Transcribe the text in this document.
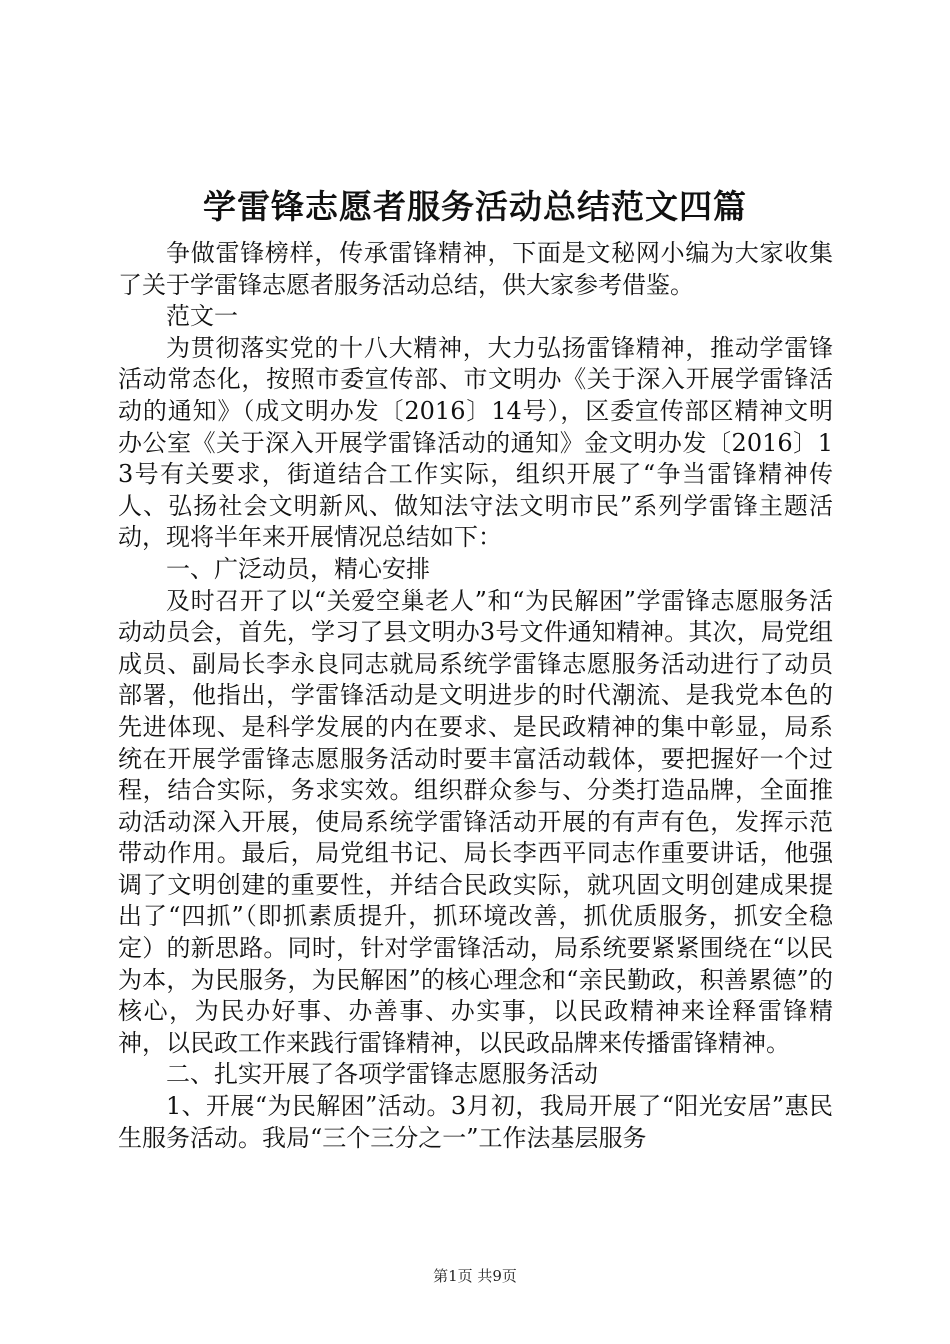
学雷锋志愿者服务活动总结范文四篇

争做雷锋榜样，传承雷锋精神，下面是文秘网小编为大家收集了关于学雷锋志愿者服务活动总结，供大家参考借鉴。

范文一

为贯彻落实党的十八大精神，大力弘扬雷锋精神，推动学雷锋活动常态化，按照市委宣传部、市文明办《关于深入开展学雷锋活动的通知》（成文明办发〔2016〕14号），区委宣传部区精神文明办公室《关于深入开展学雷锋活动的通知》金文明办发〔2016〕13号有关要求，街道结合工作实际，组织开展了“争当雷锋精神传人、弘扬社会文明新风、做知法守法文明市民”系列学雷锋主题活动，现将半年来开展情况总结如下：

一、广泛动员，精心安排

及时召开了以“关爱空巢老人”和“为民解困”学雷锋志愿服务活动动员会，首先，学习了县文明办3号文件通知精神。其次，局党组成员、副局长李永良同志就局系统学雷锋志愿服务活动进行了动员部署，他指出，学雷锋活动是文明进步的时代潮流、是我党本色的先进体现、是科学发展的内在要求、是民政精神的集中彰显，局系统在开展学雷锋志愿服务活动时要丰富活动载体，要把握好一个过程，结合实际，务求实效。组织群众参与、分类打造品牌，全面推动活动深入开展，使局系统学雷锋活动开展的有声有色，发挥示范带动作用。最后，局党组书记、局长李西平同志作重要讲话，他强调了文明创建的重要性，并结合民政实际，就巩固文明创建成果提出了“四抓”（即抓素质提升，抓环境改善，抓优质服务，抓安全稳定）的新思路。同时，针对学雷锋活动，局系统要紧紧围绕在“以民为本，为民服务，为民解困”的核心理念和“亲民勤政，积善累德”的核心，为民办好事、办善事、办实事，以民政精神来诠释雷锋精神，以民政工作来践行雷锋精神，以民政品牌来传播雷锋精神。

二、扎实开展了各项学雷锋志愿服务活动

1、开展“为民解困”活动。3月初，我局开展了“阳光安居”惠民生服务活动。我局“三个三分之一”工作法基层服务

第1页 共9页
